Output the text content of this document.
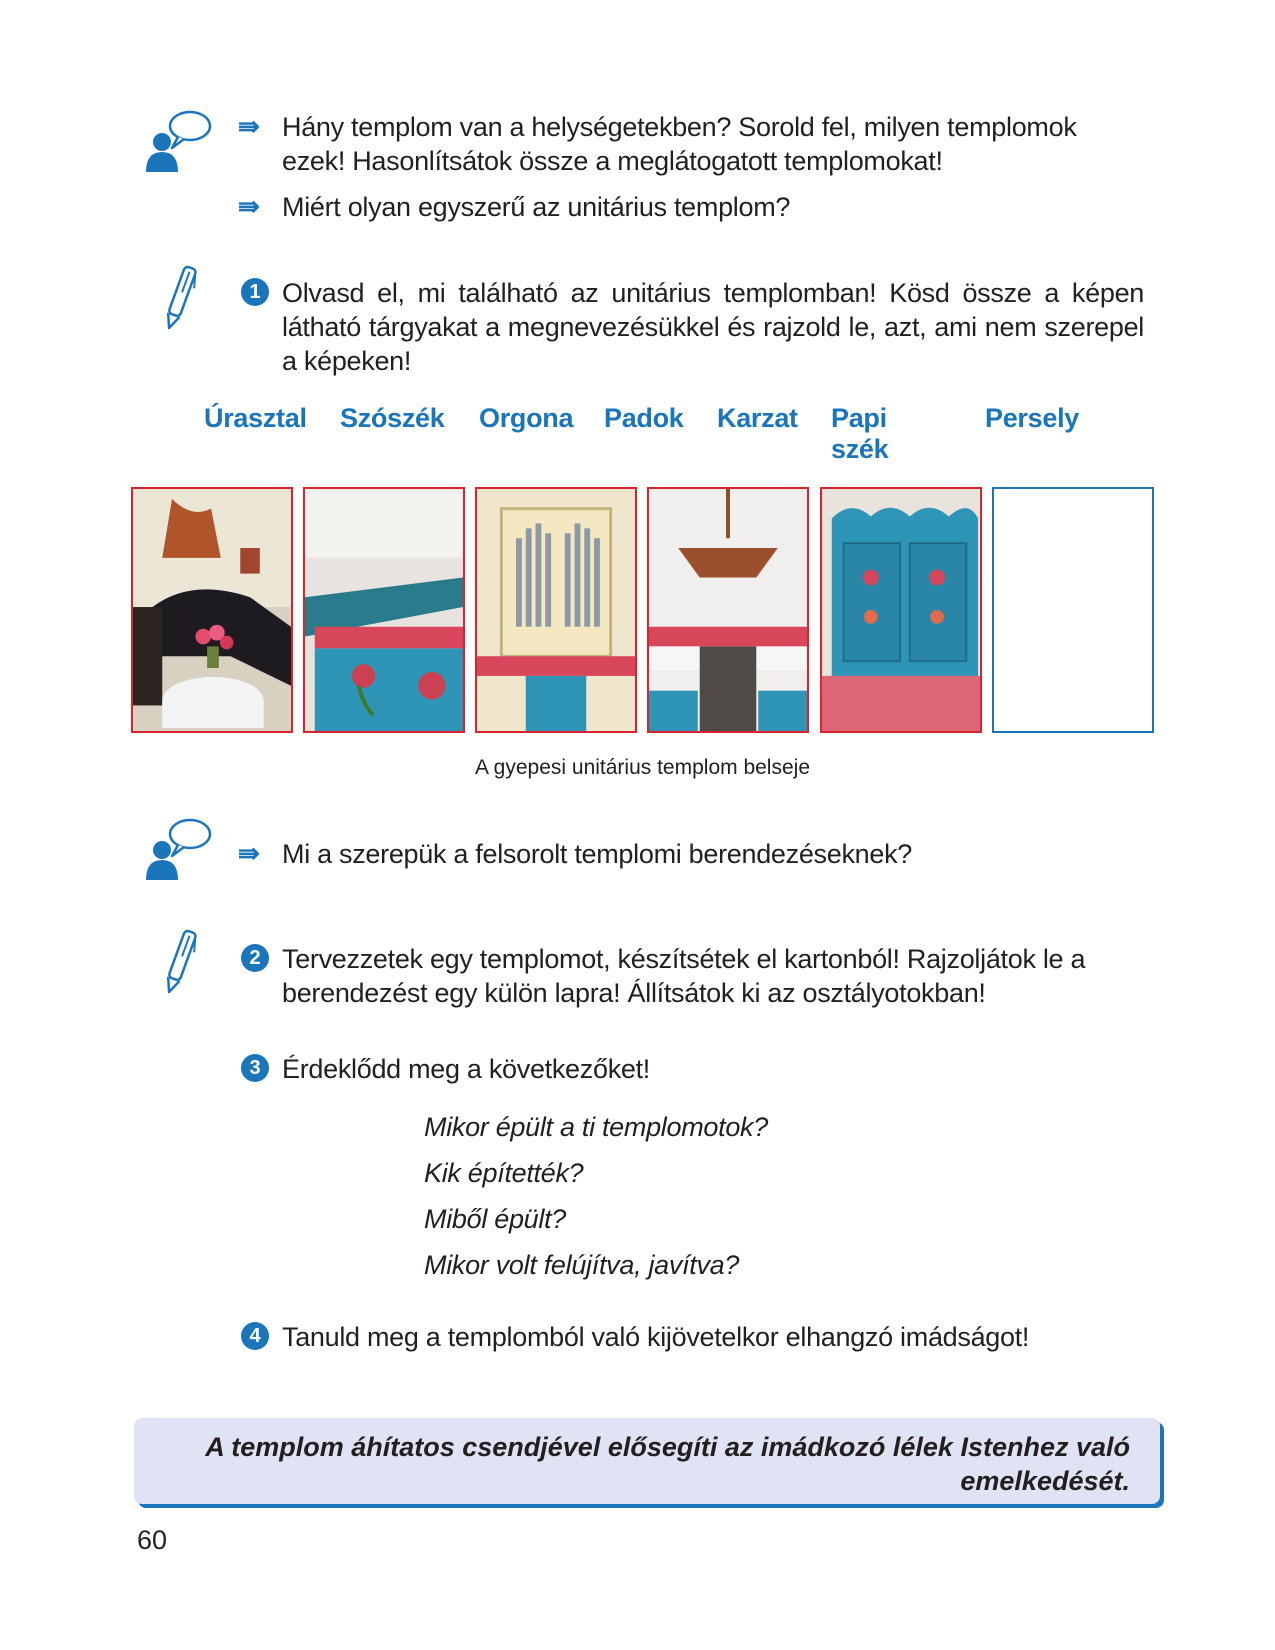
⇛ Hány templom van a helységetekben? Sorold fel, milyen templomok ezek! Hasonlítsátok össze a meglátogatott templomokat!
⇛ Miért olyan egyszerű az unitárius templom?
1 Olvasd el, mi található az unitárius templomban! Kösd össze a képen látható tárgyakat a megnevezésükkel és rajzold le, azt, ami nem szerepel a képeken!
Úrasztal Szószék Orgona Padok Karzat Papi szék
Persely
A gyepesi unitárius templom belseje
⇛ Mi a szerepük a felsorolt templomi berendezéseknek?
2 Tervezzetek egy templomot, készítsétek el kartonból! Rajzoljátok le a berendezést egy külön lapra! Állítsátok ki az osztályotokban!
3 Érdeklődd meg a következőket!
Mikor épült a ti templomotok?
Kik építették?
Miből épült?
Mikor volt felújítva, javítva?
4 Tanuld meg a templomból való kijövetelkor elhangzó imádságot!
A templom áhítatos csendjével elősegíti az imádkozó lélek Istenhez való emelkedését.
60
